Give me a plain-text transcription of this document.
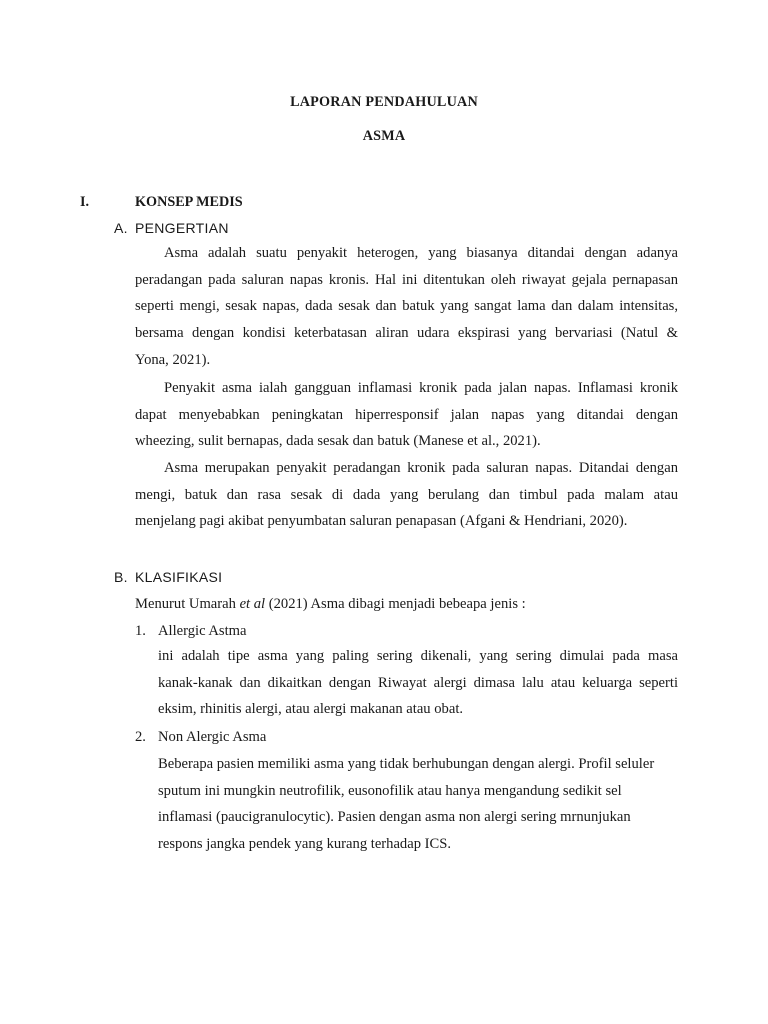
LAPORAN PENDAHULUAN
ASMA
I.	KONSEP MEDIS
A. PENGERTIAN
Asma adalah suatu penyakit heterogen, yang biasanya ditandai dengan adanya
peradangan pada saluran napas kronis. Hal ini ditentukan oleh riwayat gejala pernapasan
seperti mengi, sesak napas, dada sesak dan batuk yang sangat lama dan dalam intensitas,
bersama dengan kondisi keterbatasan aliran udara ekspirasi yang bervariasi (Natul &
Yona, 2021).
Penyakit asma ialah gangguan inflamasi kronik pada jalan napas. Inflamasi kronik
dapat menyebabkan peningkatan hiperresponsif jalan napas yang ditandai dengan
wheezing, sulit bernapas, dada sesak dan batuk (Manese et al., 2021).
Asma merupakan penyakit peradangan kronik pada saluran napas. Ditandai dengan
mengi, batuk dan rasa sesak di dada yang berulang dan timbul pada malam atau
menjelang pagi akibat penyumbatan saluran penapasan (Afgani & Hendriani, 2020).
B. KLASIFIKASI
Menurut Umarah et al (2021) Asma dibagi menjadi bebeapa jenis :
1. Allergic Astma
ini adalah tipe asma yang paling sering dikenali, yang sering dimulai pada masa
kanak-kanak dan dikaitkan dengan Riwayat alergi dimasa lalu atau keluarga seperti
eksim, rhinitis alergi, atau alergi makanan atau obat.
2. Non Alergic Asma
Beberapa pasien memiliki asma yang tidak berhubungan dengan alergi. Profil seluler
sputum ini mungkin neutrofilik, eusonofilik atau hanya mengandung sedikit sel
inflamasi (paucigranulocytic). Pasien dengan asma non alergi sering mrnunjukan
respons jangka pendek yang kurang terhadap ICS.
